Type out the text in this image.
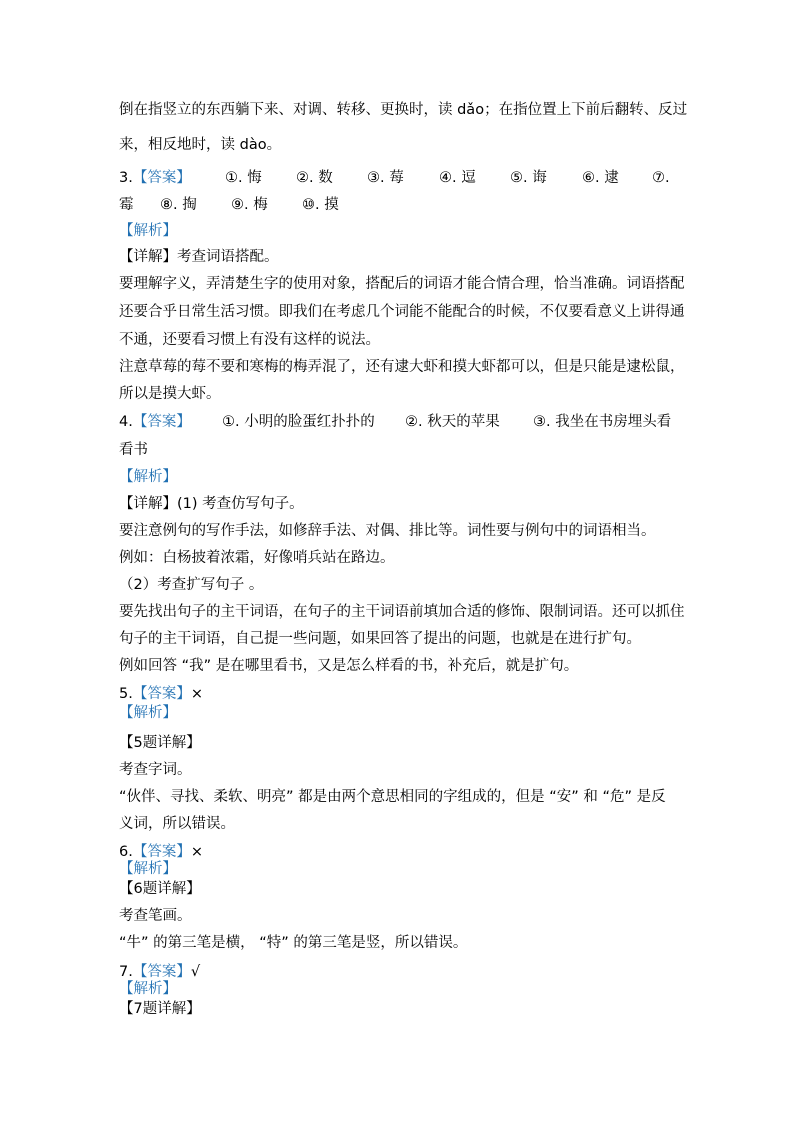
倒在指竖立的东西躺下来、对调、转移、更换时，读 dǎo；在指位置上下前后翻转、反过
来，相反地时，读 dào。
3.【答案】 ①. 悔 ②. 数 ③. 莓 ④. 逗 ⑤. 诲 ⑥. 逮 ⑦.
霉 ⑧. 掏 ⑨. 梅 ⑩. 摸
【解析】
【详解】考查词语搭配。
要理解字义，弄清楚生字的使用对象，搭配后的词语才能合情合理，恰当准确。词语搭配
还要合乎日常生活习惯。即我们在考虑几个词能不能配合的时候，不仅要看意义上讲得通
不通，还要看习惯上有没有这样的说法。
注意草莓的莓不要和寒梅的梅弄混了，还有逮大虾和摸大虾都可以，但是只能是逮松鼠，
所以是摸大虾。
4.【答案】 ①. 小明的脸蛋红扑扑的 ②. 秋天的苹果 ③. 我坐在书房埋头看
看书
【解析】
【详解】(1) 考查仿写句子。
要注意例句的写作手法，如修辞手法、对偶、排比等。词性要与例句中的词语相当。
例如：白杨披着浓霜，好像哨兵站在路边。
（2）考查扩写句子 。
要先找出句子的主干词语，在句子的主干词语前填加合适的修饰、限制词语。还可以抓住
句子的主干词语，自己提一些问题，如果回答了提出的问题，也就是在进行扩句。
例如回答 “我” 是在哪里看书，又是怎么样看的书，补充后，就是扩句。
5.【答案】×
【解析】
【5题详解】
考查字词。
“伙伴、寻找、柔软、明亮” 都是由两个意思相同的字组成的，但是 “安” 和 “危” 是反
义词，所以错误。
6.【答案】×
【解析】
【6题详解】
考查笔画。
“牛” 的第三笔是横， “特” 的第三笔是竖，所以错误。
7.【答案】√
【解析】
【7题详解】
